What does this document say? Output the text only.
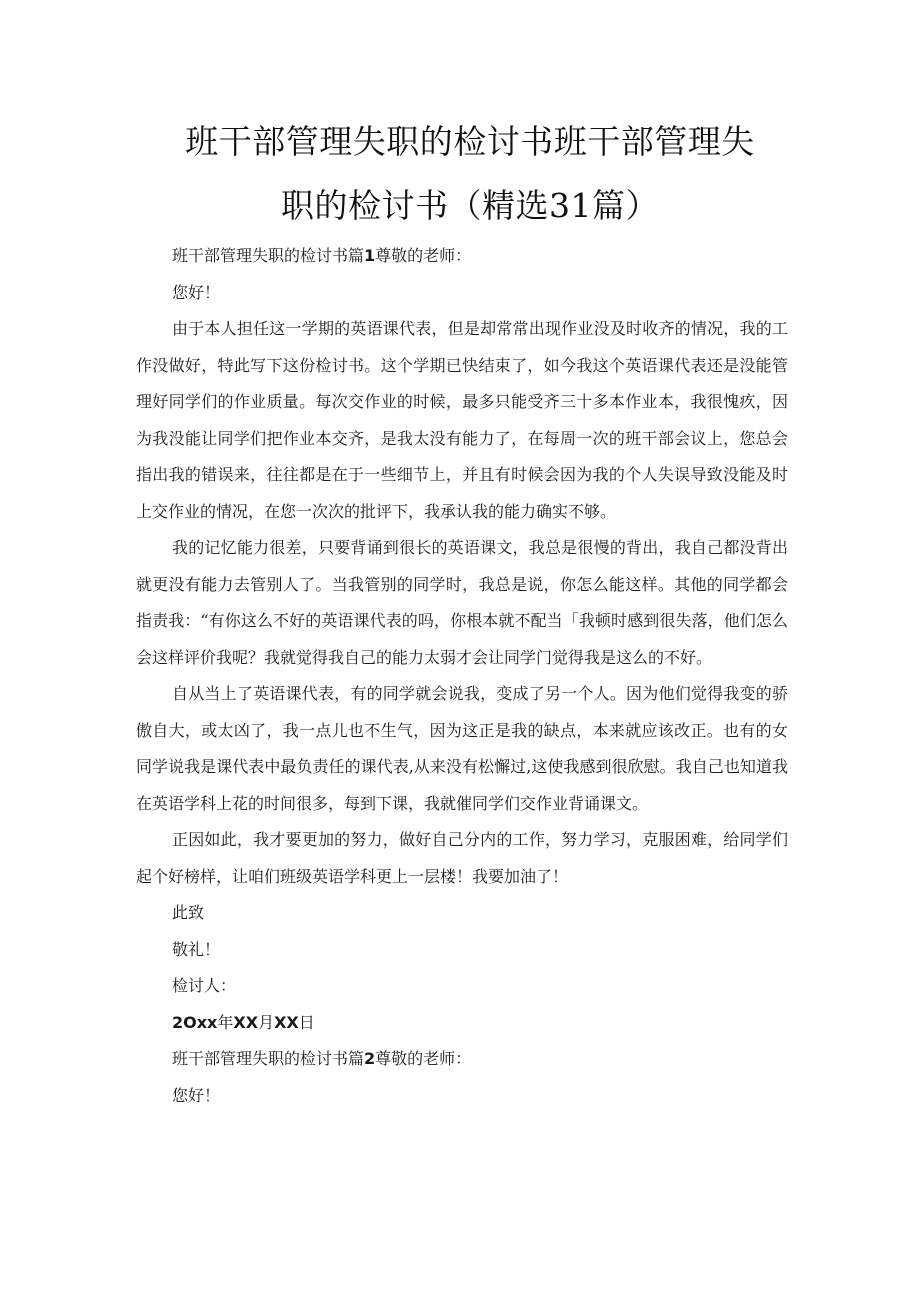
班干部管理失职的检讨书班干部管理失
职的检讨书（精选31篇）

班干部管理失职的检讨书篇1尊敬的老师：

您好！

由于本人担任这一学期的英语课代表，但是却常常出现作业没及时收齐的情况，我的工作没做好，特此写下这份检讨书。这个学期已快结束了，如今我这个英语课代表还是没能管理好同学们的作业质量。每次交作业的时候，最多只能受齐三十多本作业本，我很愧疚，因为我没能让同学们把作业本交齐，是我太没有能力了，在每周一次的班干部会议上，您总会指出我的错误来，往往都是在于一些细节上，并且有时候会因为我的个人失误导致没能及时上交作业的情况，在您一次次的批评下，我承认我的能力确实不够。

我的记忆能力很差，只要背诵到很长的英语课文，我总是很慢的背出，我自己都没背出就更没有能力去管别人了。当我管别的同学时，我总是说，你怎么能这样。其他的同学都会指责我：“有你这么不好的英语课代表的吗，你根本就不配当「我顿时感到很失落，他们怎么会这样评价我呢？我就觉得我自己的能力太弱才会让同学门觉得我是这么的不好。

自从当上了英语课代表，有的同学就会说我，变成了另一个人。因为他们觉得我变的骄傲自大，或太凶了，我一点儿也不生气，因为这正是我的缺点，本来就应该改正。也有的女同学说我是课代表中最负责任的课代表,从来没有松懈过,这使我感到很欣慰。我自己也知道我在英语学科上花的时间很多，每到下课，我就催同学们交作业背诵课文。

正因如此，我才要更加的努力，做好自己分内的工作，努力学习，克服困难，给同学们起个好榜样，让咱们班级英语学科更上一层楼！我要加油了！

此致

敬礼！

检讨人：

2Oxx年XX月XX日

班干部管理失职的检讨书篇2尊敬的老师：

您好！
